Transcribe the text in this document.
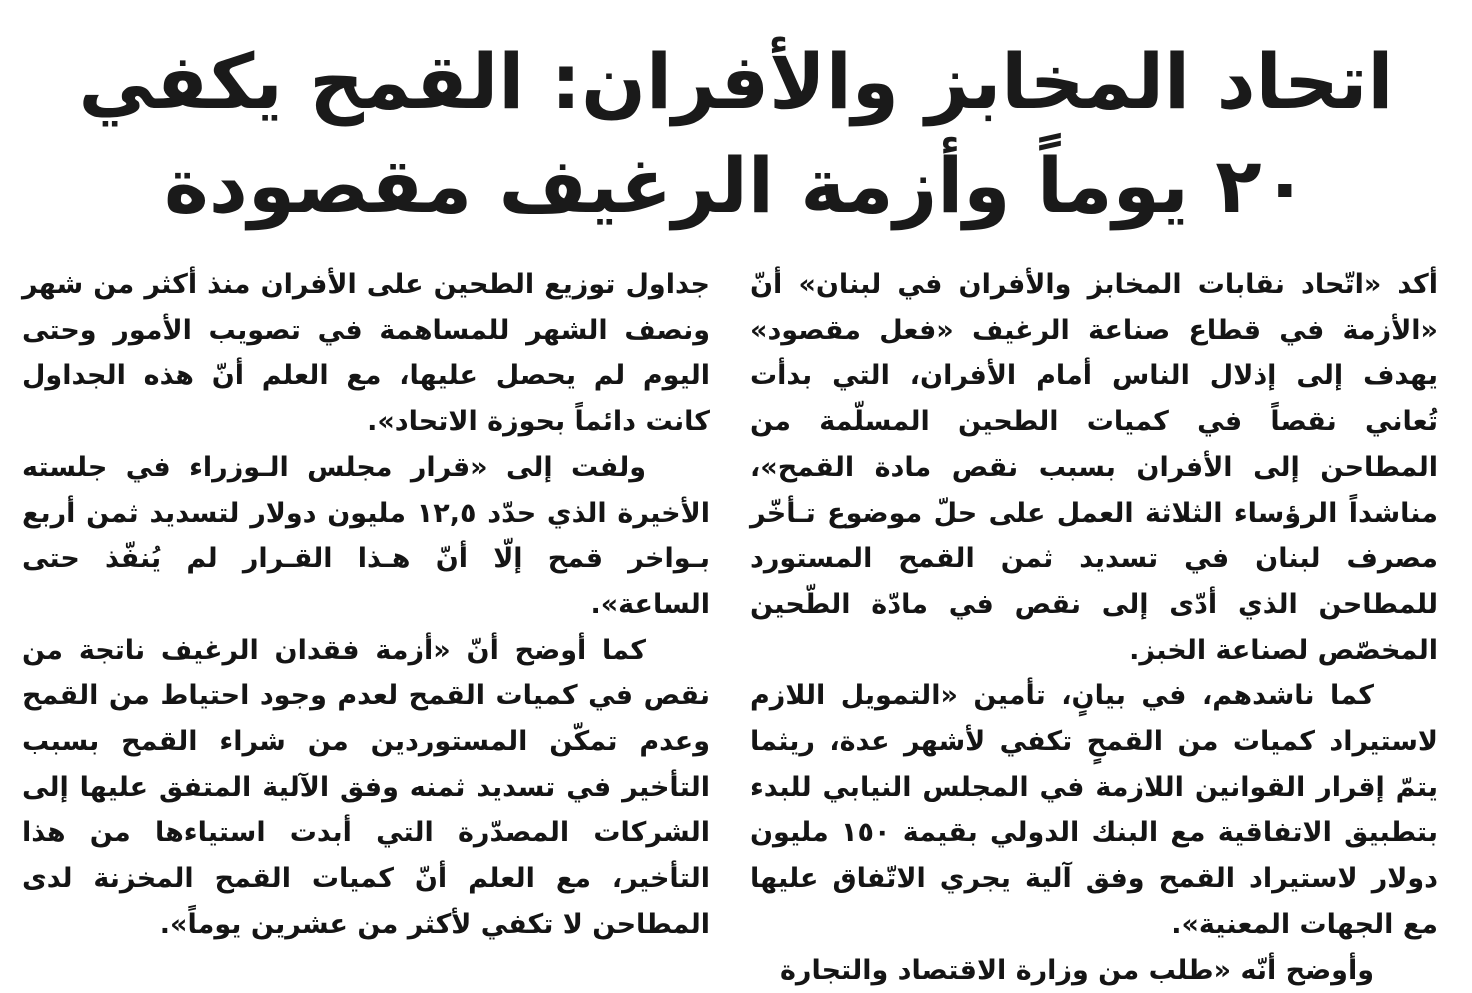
اتحاد المخابز والأفران: القمح يكفي
٢٠ يوماً وأزمة الرغيف مقصودة

أكد «اتّحاد نقابات المخابز والأفران في لبنان» أنّ «الأزمة في قطاع صناعة الرغيف «فعل مقصود» يهدف إلى إذلال الناس أمام الأفران، التي بدأت تُعاني نقصاً في كميات الطحين المسلّمة من المطاحن إلى الأفران بسبب نقص مادة القمح»، مناشداً الرؤساء الثلاثة العمل على حلّ موضوع تـأخّر مصرف لبنان في تسديد ثمن القمح المستورد للمطاحن الذي أدّى إلى نقص في مادّة الطّحين المخصّص لصناعة الخبز.

كما ناشدهم، في بيانٍ، تأمين «التمويل اللازم لاستيراد كميات من القمحٍ تكفي لأشهر عدة، ريثما يتمّ إقرار القوانين اللازمة في المجلس النيابي للبدء بتطبيق الاتفاقية مع البنك الدولي بقيمة ١٥٠ مليون دولار لاستيراد القمح وفق آلية يجري الاتّفاق عليها مع الجهات المعنية».

وأوضح أنّه «طلب من وزارة الاقتصاد والتجارة

جداول توزيع الطحين على الأفران منذ أكثر من شهر ونصف الشهر للمساهمة في تصويب الأمور وحتى اليوم لم يحصل عليها، مع العلم أنّ هذه الجداول كانت دائماً بحوزة الاتحاد».

ولفت إلى «قرار مجلس الـوزراء في جلسته الأخيرة الذي حدّد ١٢,٥ مليون دولار لتسديد ثمن أربع بـواخر قمح إلّا أنّ هـذا القـرار لم يُنفّذ حتى الساعة».

كما أوضح أنّ «أزمة فقدان الرغيف ناتجة من نقص في كميات القمح لعدم وجود احتياط من القمح وعدم تمكّن المستوردين من شراء القمح بسبب التأخير في تسديد ثمنه وفق الآلية المتفق عليها إلى الشركات المصدّرة التي أبدت استياءها من هذا التأخير، مع العلم أنّ كميات القمح المخزنة لدى المطاحن لا تكفي لأكثر من عشرين يوماً».
